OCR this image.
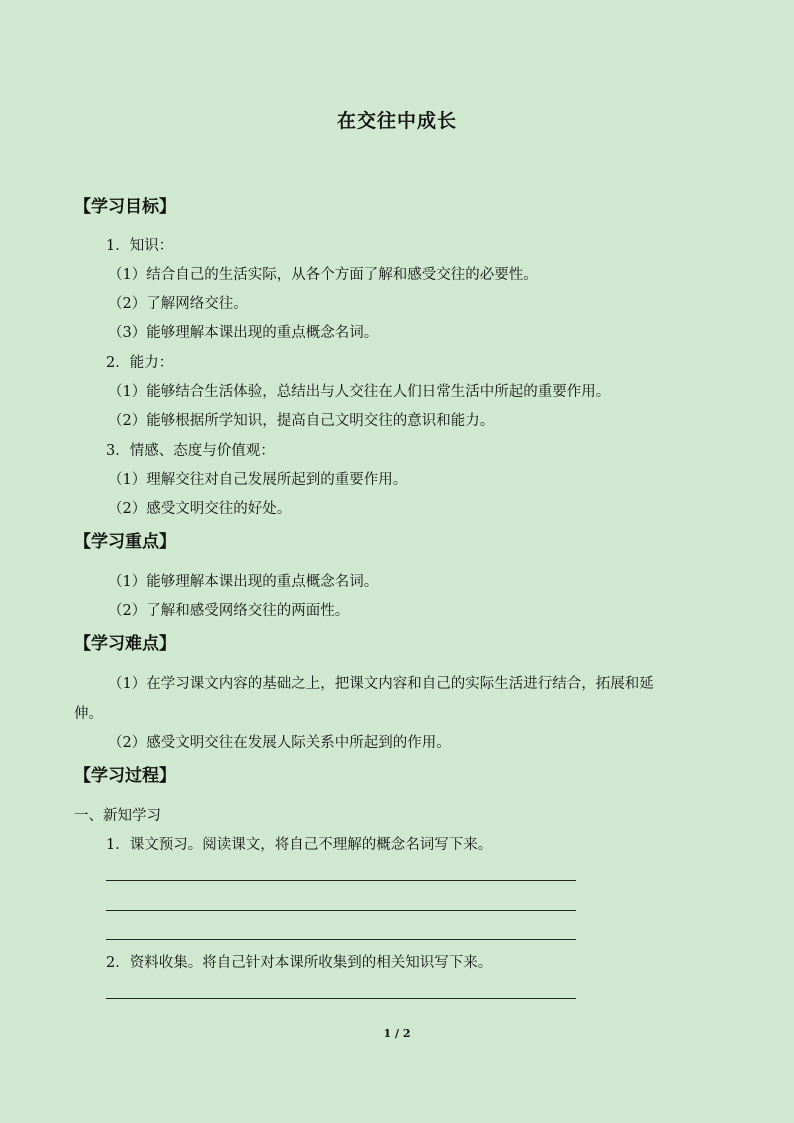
在交往中成长
【学习目标】
1．知识：
（1）结合自己的生活实际，从各个方面了解和感受交往的必要性。
（2）了解网络交往。
（3）能够理解本课出现的重点概念名词。
2．能力：
（1）能够结合生活体验，总结出与人交往在人们日常生活中所起的重要作用。
（2）能够根据所学知识，提高自己文明交往的意识和能力。
3．情感、态度与价值观：
（1）理解交往对自己发展所起到的重要作用。
（2）感受文明交往的好处。
【学习重点】
（1）能够理解本课出现的重点概念名词。
（2）了解和感受网络交往的两面性。
【学习难点】
（1）在学习课文内容的基础之上，把课文内容和自己的实际生活进行结合，拓展和延
伸。
（2）感受文明交往在发展人际关系中所起到的作用。
【学习过程】
一、新知学习
1．课文预习。阅读课文，将自己不理解的概念名词写下来。
2．资料收集。将自己针对本课所收集到的相关知识写下来。
1 / 2
